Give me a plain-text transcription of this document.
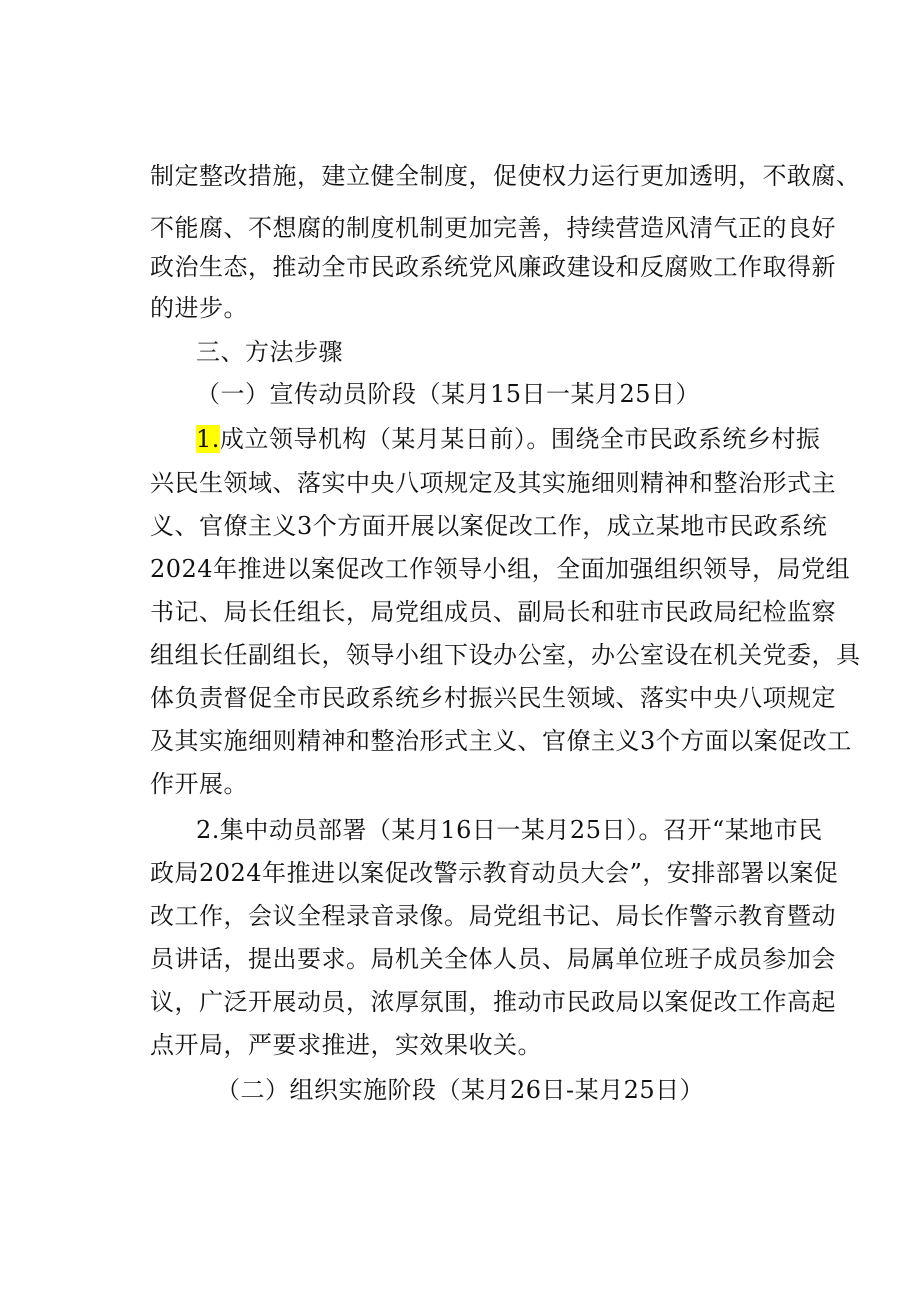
制定整改措施，建立健全制度，促使权力运行更加透明，不敢腐、
不能腐、不想腐的制度机制更加完善，持续营造风清气正的良好
政治生态，推动全市民政系统党风廉政建设和反腐败工作取得新
的进步。
三、方法步骤
（一）宣传动员阶段（某月15日一某月25日）
1.成立领导机构（某月某日前）。围绕全市民政系统乡村振
兴民生领域、落实中央八项规定及其实施细则精神和整治形式主
义、官僚主义3个方面开展以案促改工作，成立某地市民政系统
2024年推进以案促改工作领导小组，全面加强组织领导，局党组
书记、局长任组长，局党组成员、副局长和驻市民政局纪检监察
组组长任副组长，领导小组下设办公室，办公室设在机关党委，具
体负责督促全市民政系统乡村振兴民生领域、落实中央八项规定
及其实施细则精神和整治形式主义、官僚主义3个方面以案促改工
作开展。
2.集中动员部署（某月16日一某月25日）。召开“某地市民
政局2024年推进以案促改警示教育动员大会”，安排部署以案促
改工作，会议全程录音录像。局党组书记、局长作警示教育暨动
员讲话，提出要求。局机关全体人员、局属单位班子成员参加会
议，广泛开展动员，浓厚氛围，推动市民政局以案促改工作高起
点开局，严要求推进，实效果收关。
（二）组织实施阶段（某月26日-某月25日）
